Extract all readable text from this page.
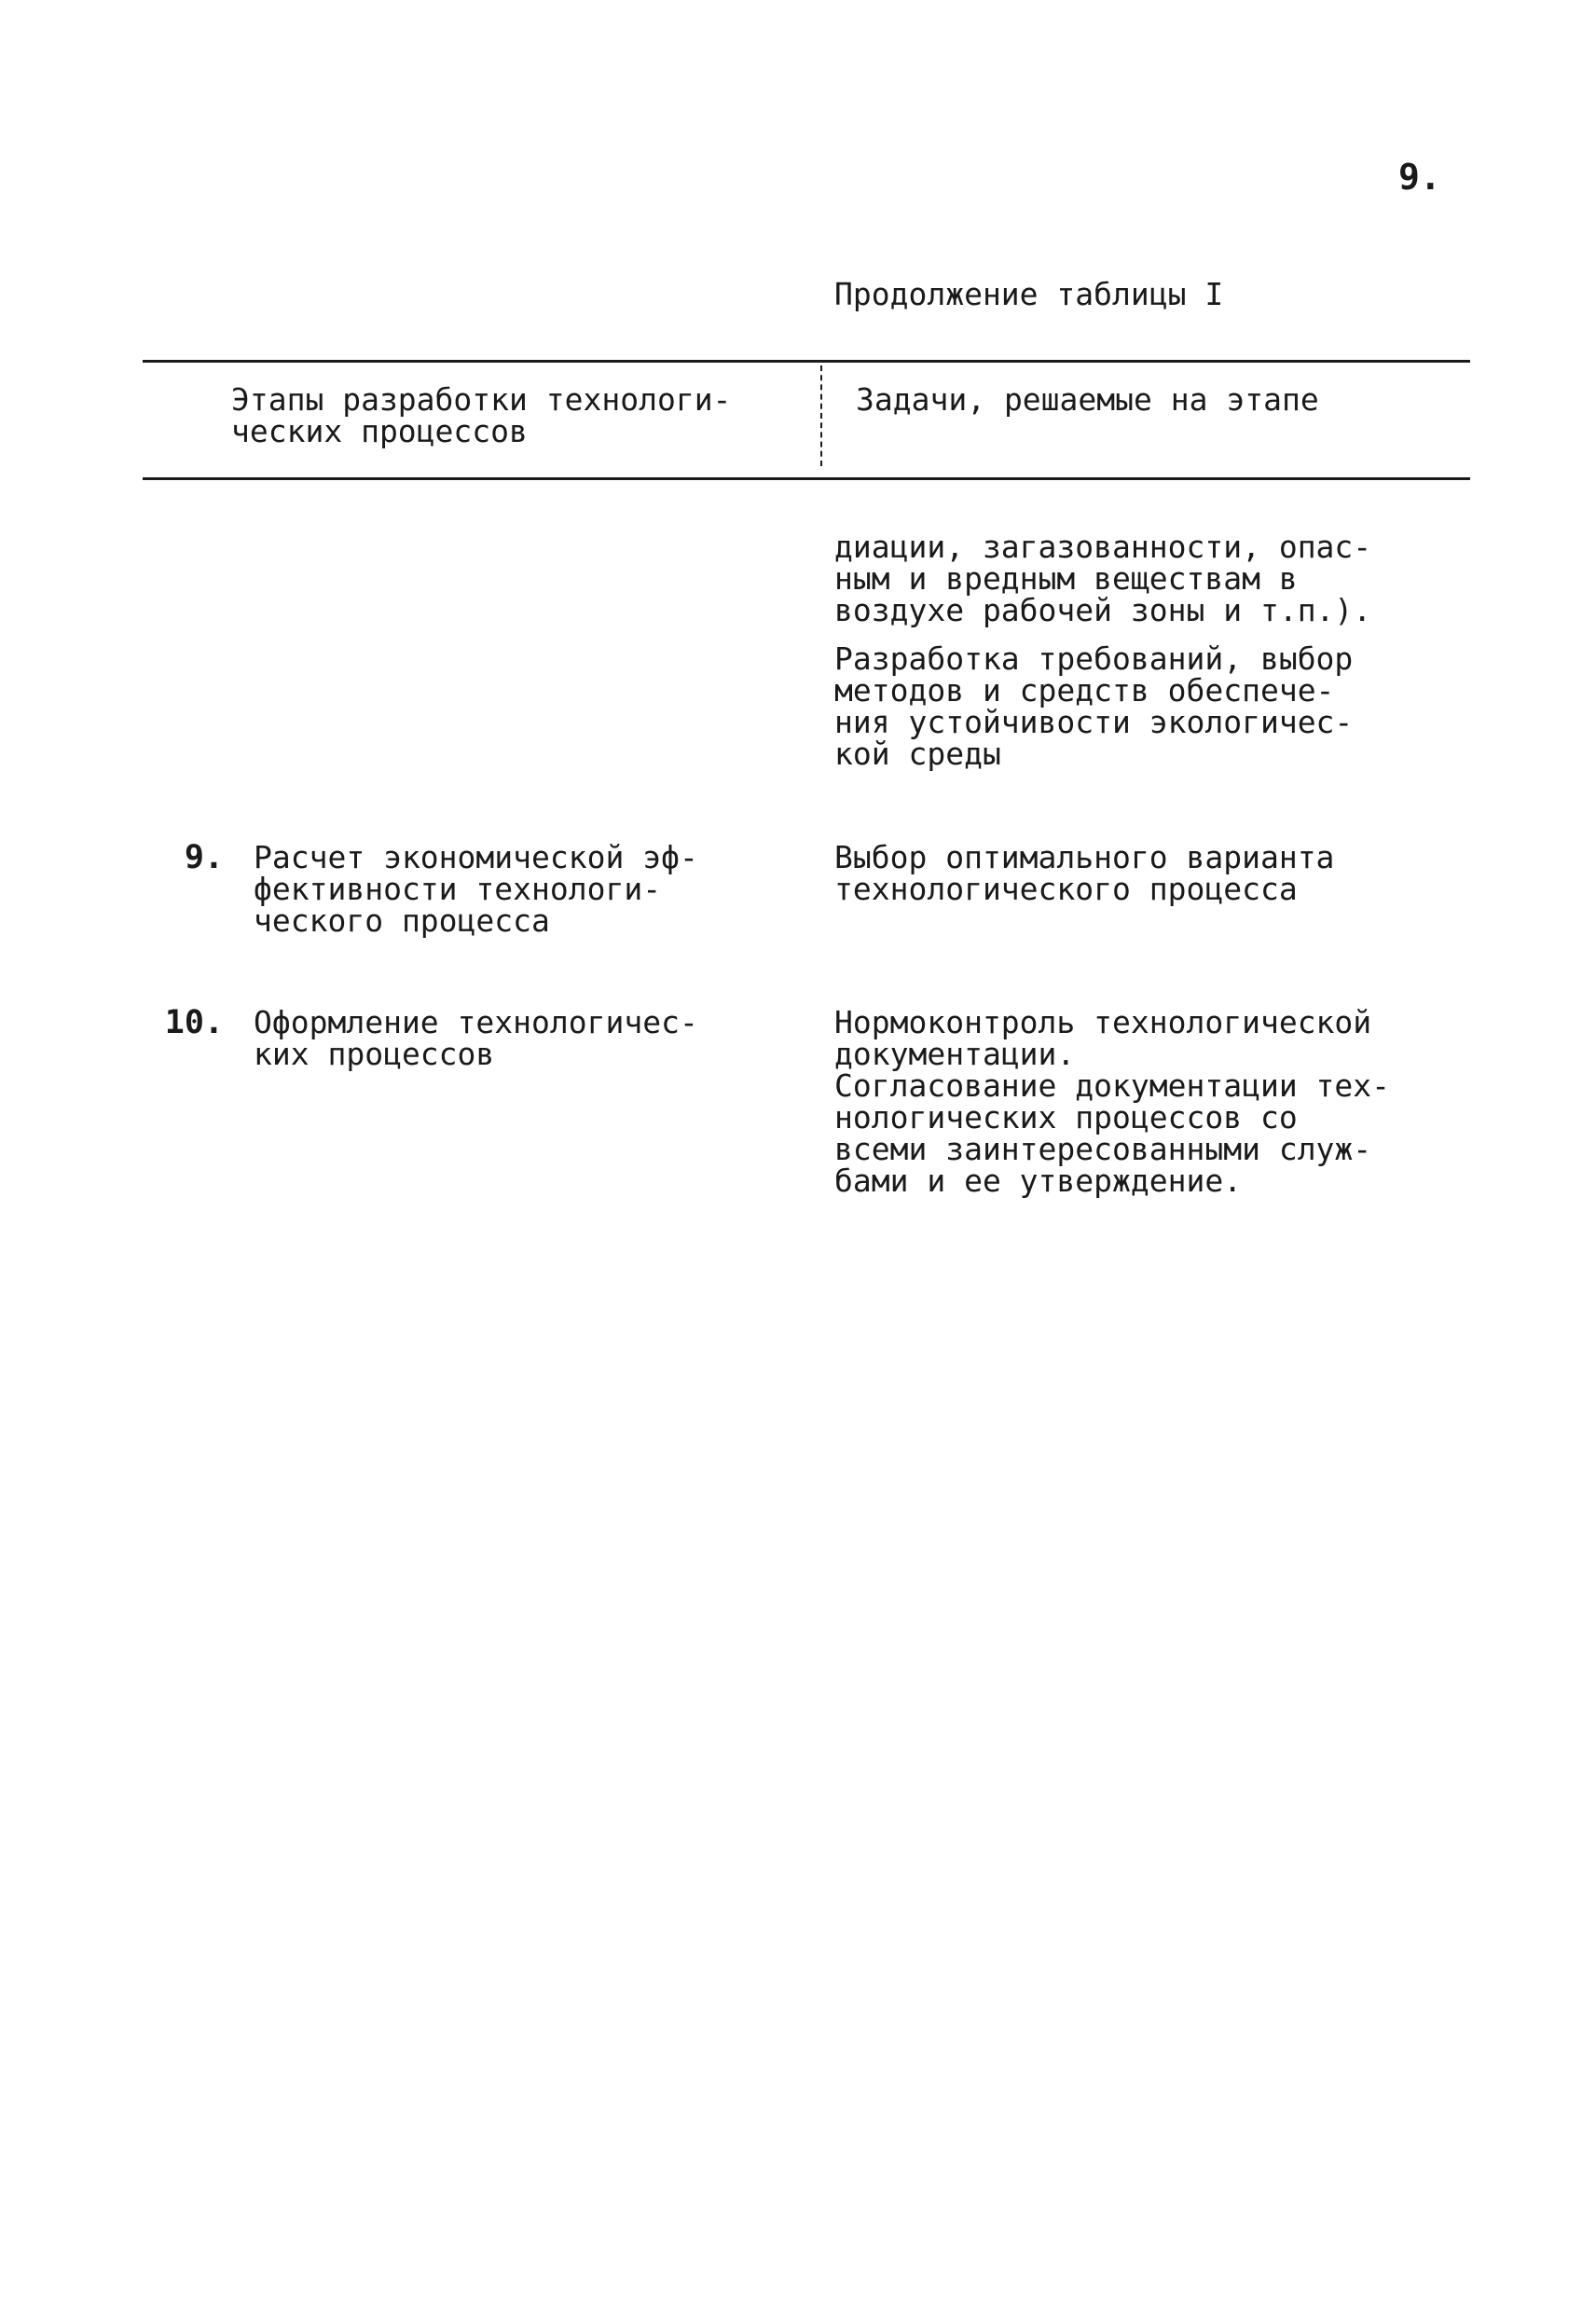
9.
Продолжение таблицы I
Этапы разработки технологи-
ческих процессов
Задачи, решаемые на этапе
диации, загазованности, опас-
ным и вредным веществам в
воздухе рабочей зоны и т.п.).
Разработка требований, выбор
методов и средств обеспече-
ния устойчивости экологичес-
кой среды
9. Расчет экономической эф-
фективности технологи-
ческого процесса
Выбор оптимального варианта
технологического процесса
10. Оформление технологичес-
ких процессов
Нормоконтроль технологической
документации.
Согласование документации тех-
нологических процессов со
всеми заинтересованными служ-
бами и ее утверждение.
